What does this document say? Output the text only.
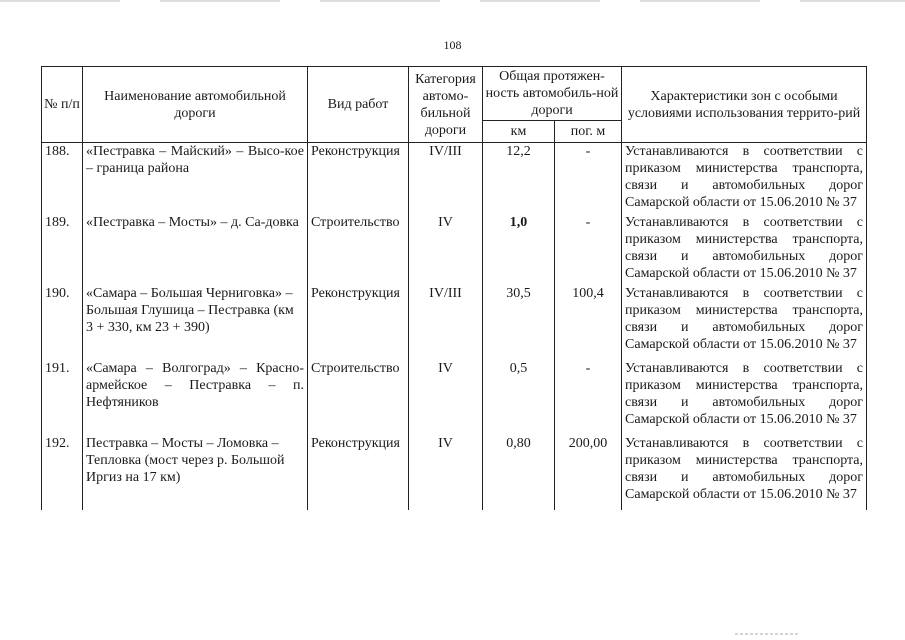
108
№ п/п	Наименование автомобильной дороги	Вид работ	Категория автомо-бильной дороги	Общая протяжен-ность автомобиль-ной дороги		Характеристики зон с особыми условиями использования террито-рий
				км	пог. м	
188.	«Пестравка – Майский» – Высо-кое – граница района	Реконструкция	IV/III	12,2	-	Устанавливаются в соответствии с приказом министерства транспорта, связи и автомобильных дорог Самарской области от 15.06.2010 № 37
189.	«Пестравка – Мосты» – д. Са-довка	Строительство	IV	1,0	-	Устанавливаются в соответствии с приказом министерства транспорта, связи и автомобильных дорог Самарской области от 15.06.2010 № 37
190.	«Самара – Большая Черниговка» – Большая Глушица – Пестравка (км 3 + 330, км 23 + 390)	Реконструкция	IV/III	30,5	100,4	Устанавливаются в соответствии с приказом министерства транспорта, связи и автомобильных дорог Самарской области от 15.06.2010 № 37
191.	«Самара – Волгоград» – Красно-армейское – Пестравка – п. Нефтяников	Строительство	IV	0,5	-	Устанавливаются в соответствии с приказом министерства транспорта, связи и автомобильных дорог Самарской области от 15.06.2010 № 37
192.	Пестравка – Мосты – Ломовка – Тепловка (мост через р. Большой Иргиз на 17 км)	Реконструкция	IV	0,80	200,00	Устанавливаются в соответствии с приказом министерства транспорта, связи и автомобильных дорог Самарской области от 15.06.2010 № 37
